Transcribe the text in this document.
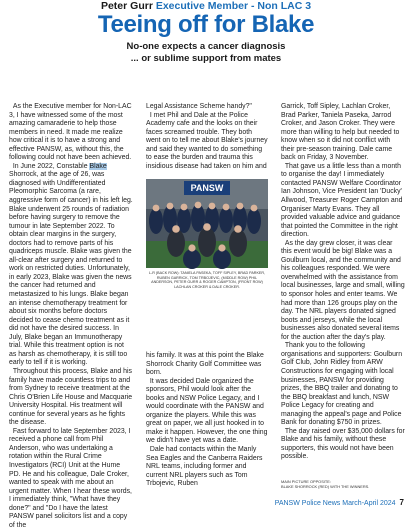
Peter Gurr Executive Member - Non LAC 3
Teeing off for Blake
No-one expects a cancer diagnosis
... or sublime support from mates

As the Executive member for Non-LAC 3, I have witnessed some of the most amazing camaraderie to help those members in need. It made me realize how critical it is to have a strong and effective PANSW, as, without this, the following could not have been achieved.

In June 2022, Constable Blake Shorrock, at the age of 26, was diagnosed with Undifferentiated Pleomorphic Sarcoma (a rare, aggressive form of cancer) in his left leg. Blake underwent 25 rounds of radiation before having surgery to remove the tumour in late September 2022. To obtain clear margins in the surgery, doctors had to remove parts of his quadriceps muscle. Blake was given the all-clear after surgery and returned to work on restricted duties. Unfortunately, in early 2023, Blake was given the news the cancer had returned and metastasized to his lungs. Blake began an intense chemotherapy treatment for about six months before doctors decided to cease chemo treatment as it did not have the desired success. In July, Blake began an Immunotherapy trial. While this treatment option is not as harsh as chemotherapy, it is still too early to tell if it is working.

Throughout this process, Blake and his family have made countless trips to and from Sydney to receive treatment at the Chris O'Brien Life House and Macquarie University Hospital. His treatment will continue for several years as he fights the disease.

Fast forward to late September 2023, I received a phone call from Phil Anderson, who was undertaking a rotation within the Rural Crime Investigators (RCI) Unit at the Hume PD. He and his colleague, Dale Croker, wanted to speak with me about an urgent matter. When I hear these words, I immediately think, "What have they done?" and "Do I have the latest PANSW panel solicitors list and a copy of the

Legal Assistance Scheme handy?"

I met Phil and Dale at the Police Academy cafe and the looks on their faces screamed trouble. They both went on to tell me about Blake's journey and said they wanted to do something to ease the burden and trauma this insidious disease had taken on him and

PANSW
L-R (BACK ROW): TANIELA PASEKA, TOFF SIPLEY, BRAD PARKER, RUBEN GARRICK, TOM TRBOJEVIC, (MIDDLE ROW) PHIL ANDERSON, PETER GURR & ROGER CAMPTON, (FRONT ROW) LACHLAN CROKER & DALE CROKER.

his family. It was at this point the Blake Shorrock Charity Golf Committee was born.

It was decided Dale organized the sponsors, Phil would look after the books and NSW Police Legacy, and I would coordinate with the PANSW and organize the players. While this was great on paper, we all just hooked in to make it happen. However, the one thing we didn't have yet was a date.

Dale had contacts within the Manly Sea Eagles and the Canberra Raiders NRL teams, including former and current NRL players such as Tom Trbojevic, Ruben

Garrick, Toff Sipley, Lachlan Croker, Brad Parker, Taniela Paseka, Jarrod Croker, and Jason Croker. They were more than willing to help but needed to know when so it did not conflict with their pre-season training. Dale came back on Friday, 3 November.

That gave us a little less than a month to organise the day! I immediately contacted PANSW Welfare Coordinator Ian Johnson, Vice President Ian 'Ducky' Allwood, Treasurer Roger Campton and Organiser Marty Evans. They all provided valuable advice and guidance that pointed the Committee in the right direction.

As the day grew closer, it was clear this event would be big! Blake was a Goulburn local, and the community and his colleagues responded. We were overwhelmed with the assistance from local businesses, large and small, willing to sponsor holes and enter teams. We had more than 126 groups play on the day. The NRL players donated signed boots and jerseys, while the local businesses also donated several items for the auction after the day's play.

Thank you to the following organisations and supporters: Goulburn Golf Club, John Ridley from ARW Constructions for engaging with local businesses, PANSW for providing prizes, the BBQ trailer and donating to the BBQ breakfast and lunch, NSW Police Legacy for creating and managing the appeal's page and Police Bank for donating $750 in prizes.

The day raised over $35,000 dollars for Blake and his family, without these supporters, this would not have been possible.

MAIN PICTURE OPPOSITE:
BLAKE SHORROCK (RED) WITH THE WINNERS.
PANSW Police News March-April 2024 7
